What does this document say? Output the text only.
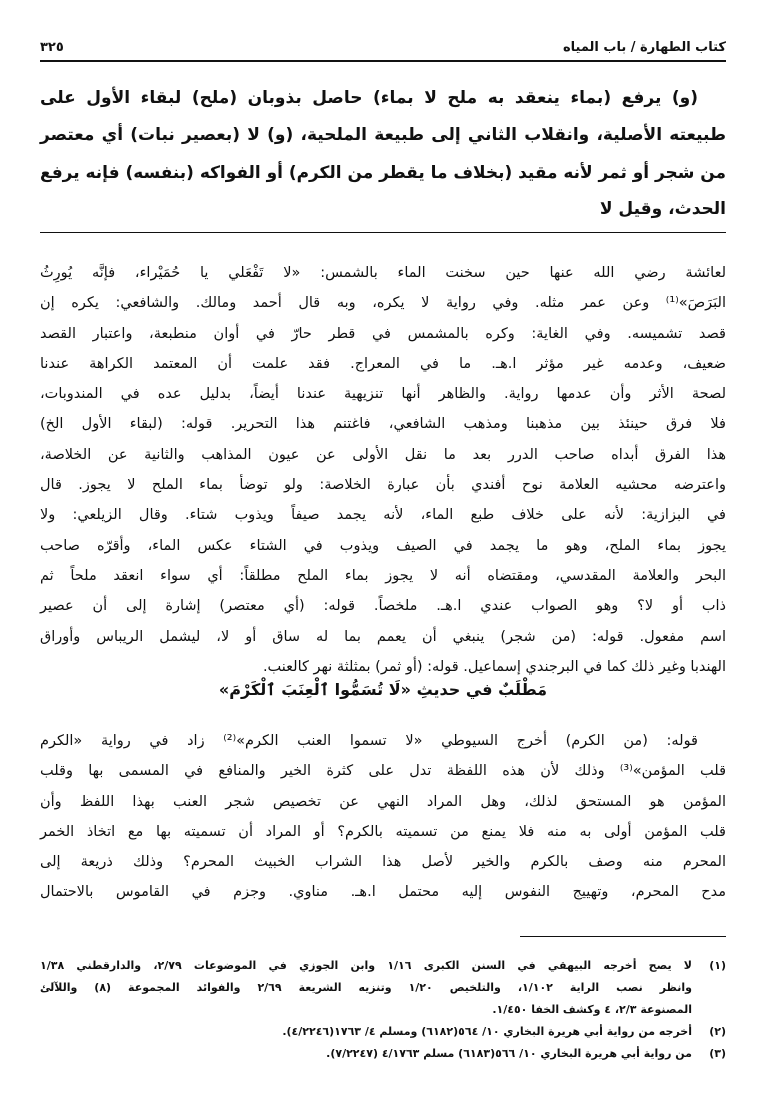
كتاب الطهارة / باب المياه
٣٢٥
(و) يرفع (بماء ينعقد به ملح لا بماء) حاصل بذوبان (ملح) لبقاء الأول على
طبيعته الأصلية، وانقلاب الثاني إلى طبيعة الملحية، (و) لا (بعصير نبات) أي معتصر
من شجر أو ثمر لأنه مقيد (بخلاف ما يقطر من الكرم) أو الفواكه (بنفسه) فإنه يرفع
الحدث، وقيل لا
لعائشة رضي الله عنها حين سخنت الماء بالشمس: «لا تَفْعَلي يا حُمَيْراء، فإنَّه يُورِثُ
البَرَصَ»⁽¹⁾ وعن عمر مثله. وفي رواية لا يكره، وبه قال أحمد ومالك. والشافعي: يكره إن
قصد تشميسه. وفي الغاية: وكره بالمشمس في قطر حارّ في أوان منطبعة، واعتبار القصد
ضعيف، وعدمه غير مؤثر ا.هـ. ما في المعراج. فقد علمت أن المعتمد الكراهة عندنا
لصحة الأثر وأن عدمها رواية. والظاهر أنها تنزيهية عندنا أيضاً، بدليل عده في المندوبات،
فلا فرق حينئذ بين مذهبنا ومذهب الشافعي، فاغتنم هذا التحرير. قوله: (لبقاء الأول الخ)
هذا الفرق أبداه صاحب الدرر بعد ما نقل الأولى عن عيون المذاهب والثانية عن الخلاصة،
واعترضه محشيه العلامة نوح أفندي بأن عبارة الخلاصة: ولو توضأ بماء الملح لا يجوز. قال
في البزازية: لأنه على خلاف طبع الماء، لأنه يجمد صيفاً ويذوب شتاء. وقال الزيلعي: ولا
يجوز بماء الملح، وهو ما يجمد في الصيف ويذوب في الشتاء عكس الماء، وأقرّه صاحب
البحر والعلامة المقدسي، ومقتضاه أنه لا يجوز بماء الملح مطلقاً: أي سواء انعقد ملحاً ثم
ذاب أو لا؟ وهو الصواب عندي ا.هـ. ملخصاً. قوله: (أي معتصر) إشارة إلى أن عصير
اسم مفعول. قوله: (من شجر) ينبغي أن يعمم بما له ساق أو لا، ليشمل الريباس وأوراق
الهندبا وغير ذلك كما في البرجندي إسماعيل. قوله: (أو ثمر) بمثلثة نهر كالعنب.
مَطْلَبٌ في حديثِ «لَا تُسَمُّوا ٱلْعِنَبَ ٱلْكَرْمَ»
قوله: (من الكرم) أخرج السيوطي «لا تسموا العنب الكرم»⁽²⁾ زاد في رواية «الكرم
قلب المؤمن»⁽³⁾ وذلك لأن هذه اللفظة تدل على كثرة الخير والمنافع في المسمى بها وقلب
المؤمن هو المستحق لذلك، وهل المراد النهي عن تخصيص شجر العنب بهذا اللفظ وأن
قلب المؤمن أولى به منه فلا يمنع من تسميته بالكرم؟ أو المراد أن تسميته بها مع اتخاذ الخمر
المحرم منه وصف بالكرم والخير لأصل هذا الشراب الخبيث المحرم؟ وذلك ذريعة إلى
مدح المحرم، وتهييج النفوس إليه محتمل ا.هـ. مناوي. وجزم في القاموس بالاحتمال
(١)
لا يصح أخرجه البيهقي في السنن الكبرى ١/١٦ وابن الجوزي في الموضوعات ٢/٧٩، والدارقطني ١/٣٨
وانظر نصب الراية ١/١٠٢، والتلخيص ١/٢٠ وتنزيه الشريعة ٢/٦٩ والفوائد المجموعة (٨) واللآلئ
المصنوعة ٢/٣، ٤ وكشف الخفا ١/٤٥٠.
(٢)
أخرجه من رواية أبي هريرة البخاري ١٠/ ٥٦٤(٦١٨٢) ومسلم ٤/ ١٧٦٣(٤/٢٢٤٦).
(٣)
من رواية أبي هريرة البخاري ١٠/ ٥٦٦(٦١٨٣) مسلم ٤/١٧٦٣ (٧/٢٢٤٧).
